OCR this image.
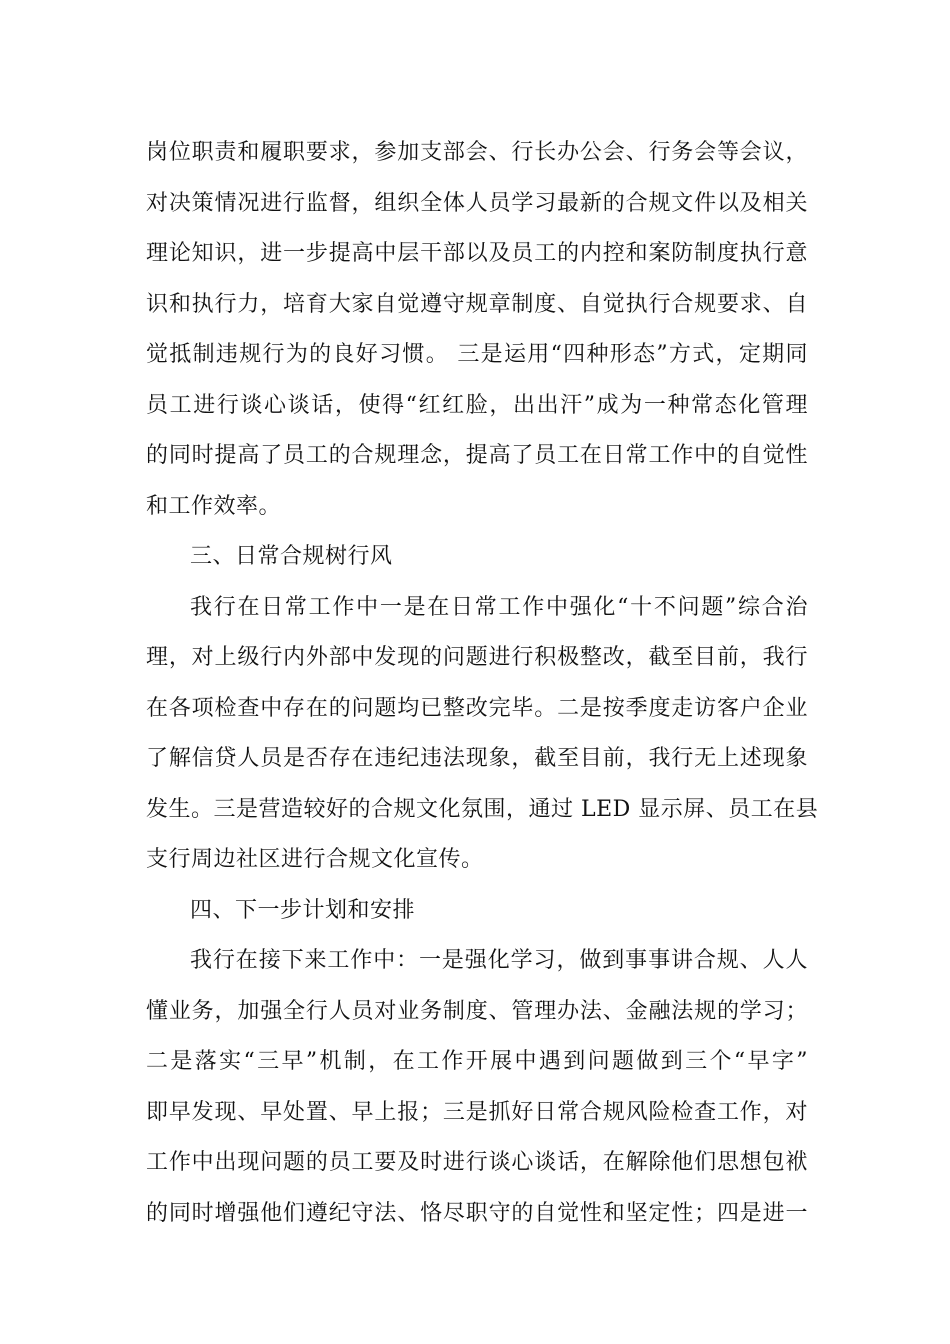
岗位职责和履职要求，参加支部会、行长办公会、行务会等会议，
对决策情况进行监督，组织全体人员学习最新的合规文件以及相关
理论知识，进一步提高中层干部以及员工的内控和案防制度执行意
识和执行力，培育大家自觉遵守规章制度、自觉执行合规要求、自
觉抵制违规行为的良好习惯。 三是运用“四种形态”方式，定期同
员工进行谈心谈话，使得“红红脸，出出汗”成为一种常态化管理
的同时提高了员工的合规理念，提高了员工在日常工作中的自觉性
和工作效率。
三、日常合规树行风
我行在日常工作中一是在日常工作中强化“十不问题”综合治
理，对上级行内外部中发现的问题进行积极整改，截至目前，我行
在各项检查中存在的问题均已整改完毕。二是按季度走访客户企业
了解信贷人员是否存在违纪违法现象，截至目前，我行无上述现象
发生。三是营造较好的合规文化氛围，通过 LED 显示屏、员工在县
支行周边社区进行合规文化宣传。
四、下一步计划和安排
我行在接下来工作中：一是强化学习，做到事事讲合规、人人
懂业务，加强全行人员对业务制度、管理办法、金融法规的学习；
二是落实“三早”机制，在工作开展中遇到问题做到三个“早字”
即早发现、早处置、早上报；三是抓好日常合规风险检查工作，对
工作中出现问题的员工要及时进行谈心谈话，在解除他们思想包袱
的同时增强他们遵纪守法、恪尽职守的自觉性和坚定性；四是进一
